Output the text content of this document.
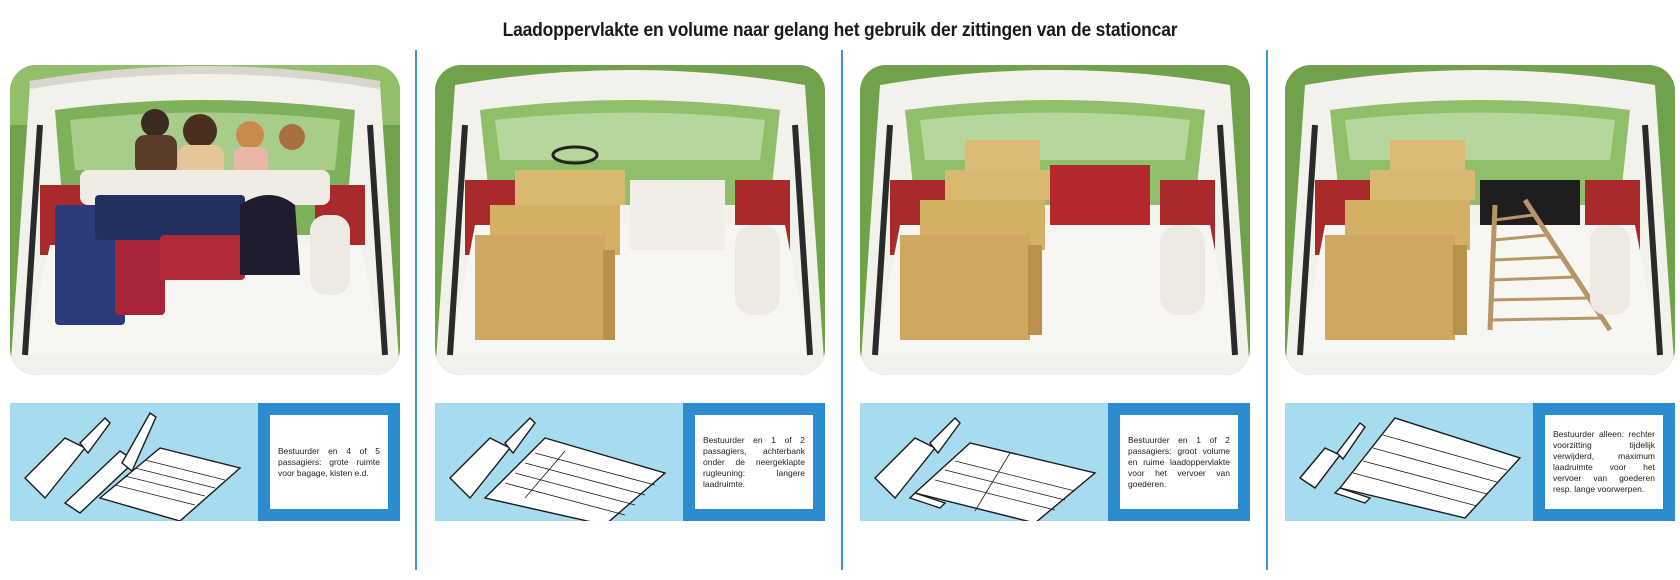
Laadoppervlakte en volume naar gelang het gebruik der zittingen van de stationcar
Bestuurder en 4 of 5 passagiers: grote ruimte voor bagage, kisten e.d.
Bestuurder en 1 of 2 passagiers, achterbank onder de neergeklapte rugleuning: langere laadruimte.
Bestuurder en 1 of 2 passagiers: groot volume en ruime laadoppervlakte voor het vervoer van goederen.
Bestuurder alleen: rechter voorzitting tijdelijk verwijderd, maximum laadruimte voor het vervoer van goederen resp. lange voorwerpen.
